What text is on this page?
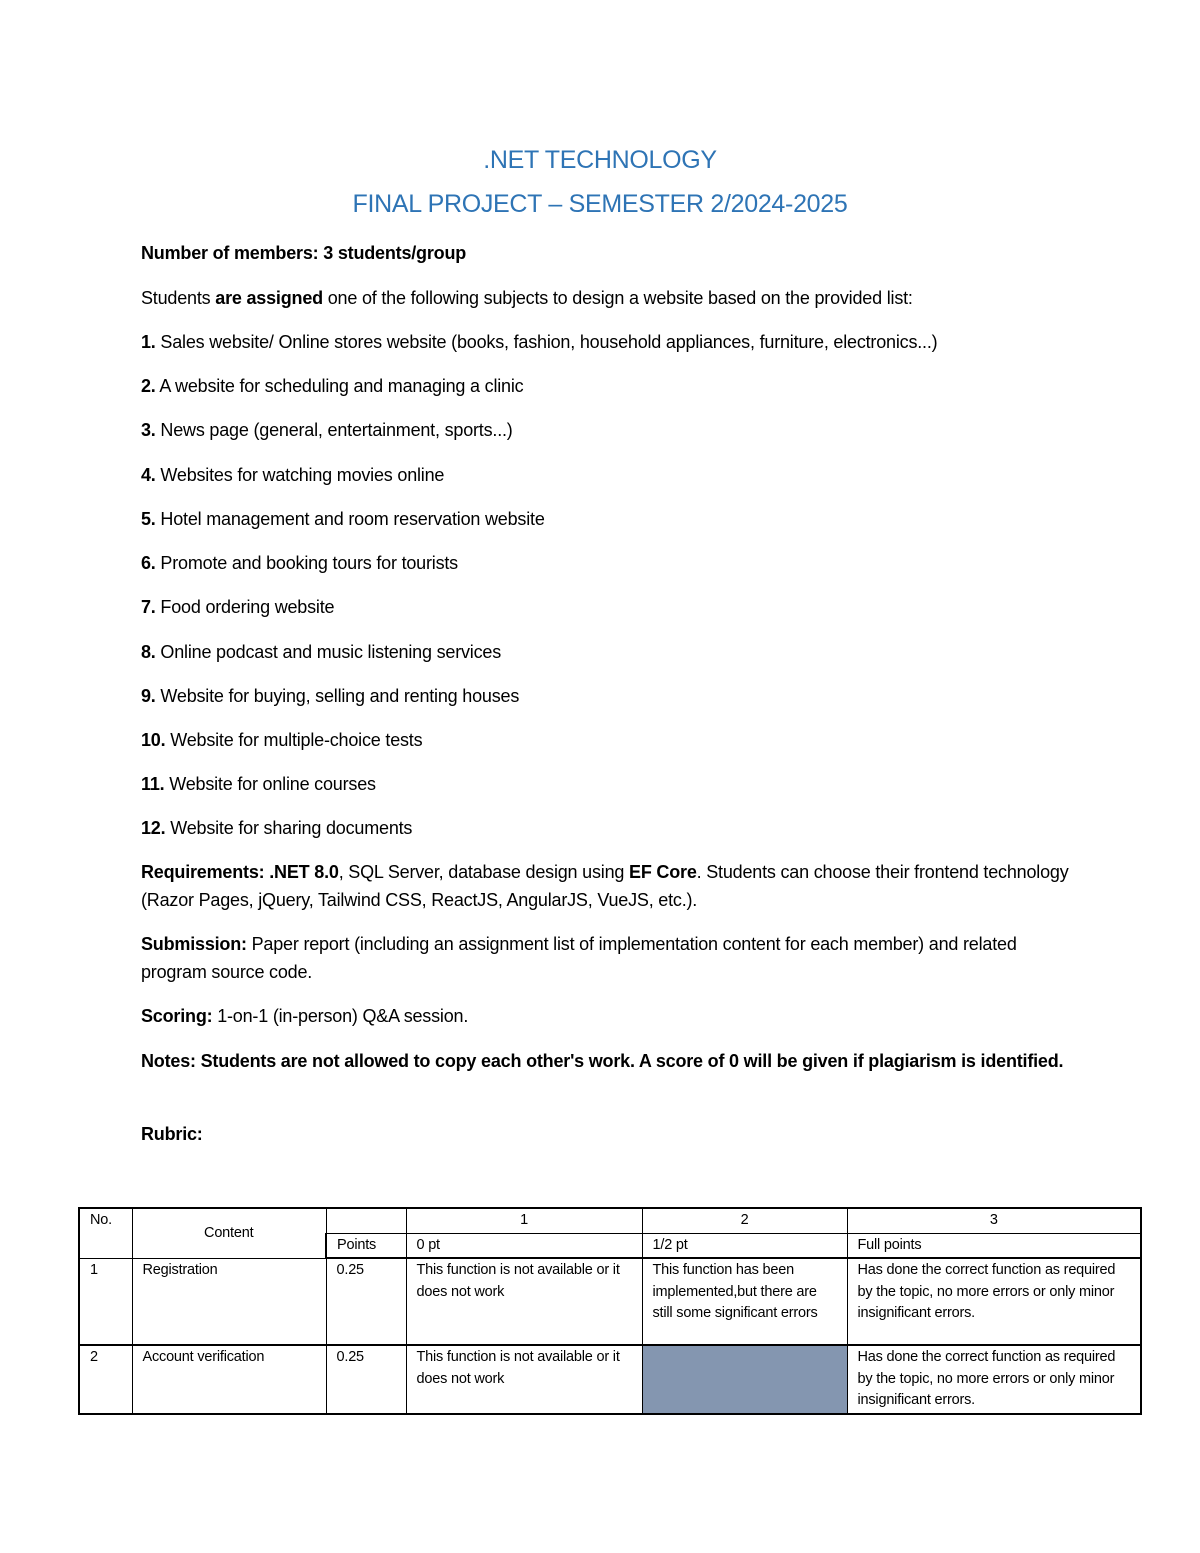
.NET TECHNOLOGY
FINAL PROJECT – SEMESTER 2/2024-2025
Number of members: 3 students/group
Students are assigned one of the following subjects to design a website based on the provided list:
1. Sales website/ Online stores website (books, fashion, household appliances, furniture, electronics...)
2. A website for scheduling and managing a clinic
3. News page (general, entertainment, sports...)
4. Websites for watching movies online
5. Hotel management and room reservation website
6. Promote and booking tours for tourists
7. Food ordering website
8. Online podcast and music listening services
9. Website for buying, selling and renting houses
10. Website for multiple-choice tests
11. Website for online courses
12. Website for sharing documents
Requirements: .NET 8.0, SQL Server, database design using EF Core. Students can choose their frontend technology (Razor Pages, jQuery, Tailwind CSS, ReactJS, AngularJS, VueJS, etc.).
Submission: Paper report (including an assignment list of implementation content for each member) and related program source code.
Scoring: 1-on-1 (in-person) Q&A session.
Notes: Students are not allowed to copy each other's work. A score of 0 will be given if plagiarism is identified.
Rubric:
No.	Content		1	2	3
		Points	0 pt	1/2 pt	Full points
1	Registration	0.25	This function is not available or it does not work	This function has been implemented,but there are still some significant errors	Has done the correct function as required by the topic, no more errors or only minor insignificant errors.
2	Account verification	0.25	This function is not available or it does not work		Has done the correct function as required by the topic, no more errors or only minor insignificant errors.
